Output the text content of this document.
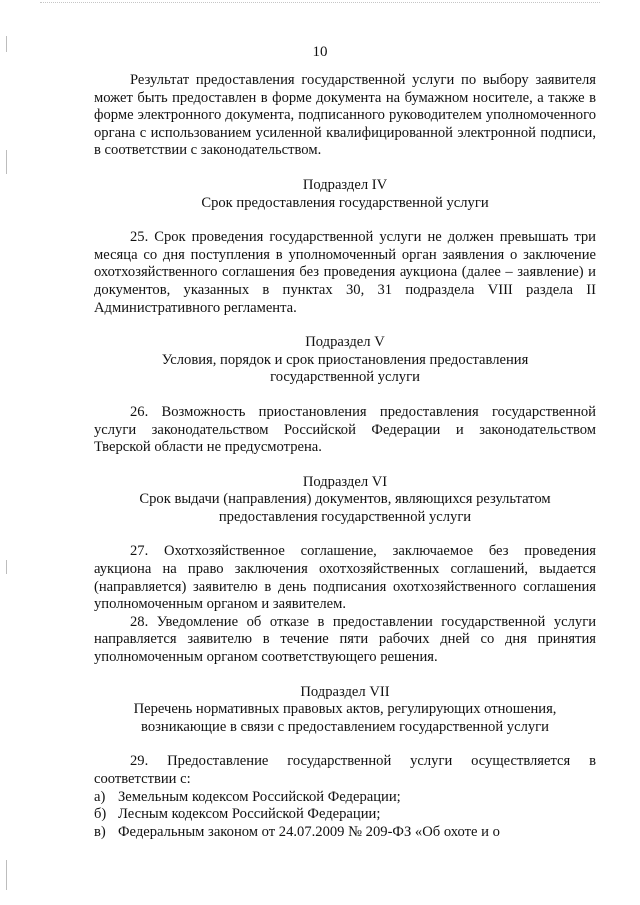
10

Результат предоставления государственной услуги по выбору заявителя может быть предоставлен в форме документа на бумажном носителе, а также в форме электронного документа, подписанного руководителем уполномоченного органа с использованием усиленной квалифицированной электронной подписи, в соответствии с законодательством.

Подраздел IV
Срок предоставления государственной услуги

25. Срок проведения государственной услуги не должен превышать три месяца со дня поступления в уполномоченный орган заявления о заключение охотхозяйственного соглашения без проведения аукциона (далее – заявление) и документов, указанных в пунктах 30, 31 подраздела VIII раздела II Административного регламента.

Подраздел V
Условия, порядок и срок приостановления предоставления
государственной услуги

26. Возможность приостановления предоставления государственной услуги законодательством Российской Федерации и законодательством Тверской области не предусмотрена.

Подраздел VI
Срок выдачи (направления) документов, являющихся результатом
предоставления государственной услуги

27. Охотхозяйственное соглашение, заключаемое без проведения аукциона на право заключения охотхозяйственных соглашений, выдается (направляется) заявителю в день подписания охотхозяйственного соглашения уполномоченным органом и заявителем.

28. Уведомление об отказе в предоставлении государственной услуги направляется заявителю в течение пяти рабочих дней со дня принятия уполномоченным органом соответствующего решения.

Подраздел VII
Перечень нормативных правовых актов, регулирующих отношения,
возникающие в связи с предоставлением государственной услуги

29. Предоставление государственной услуги осуществляется в соответствии с:

а) Земельным кодексом Российской Федерации;
б) Лесным кодексом Российской Федерации;
в) Федеральным законом от 24.07.2009 № 209-ФЗ «Об охоте и о
